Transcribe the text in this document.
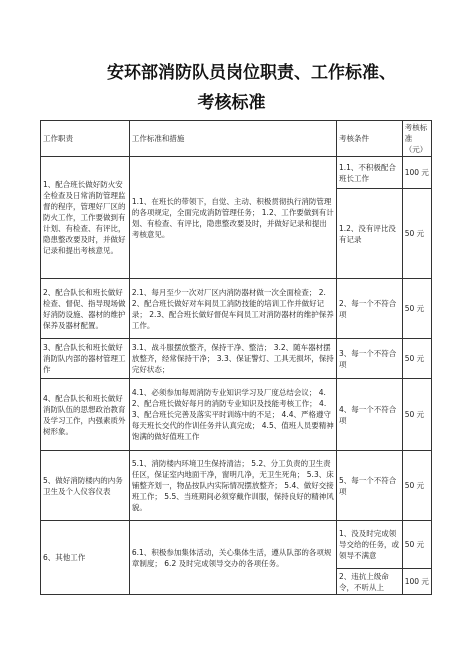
安环部消防队员岗位职责、工作标准、
考核标准
工作职责	工作标准和措施	考核条件	考核标准（元）
1、配合班长做好防火安全检查及日常消防管理监督的程序，管理好厂区的防火工作，工作要做到有计划、有检查、有评比，隐患整改要及时，并做好记录和提出考核意见。	1.1、在班长的带领下，自觉、主动、积极贯彻执行消防管理的各项规定，全面完成消防管理任务； 1.2、工作要做到有计划、有检查、有评比，隐患整改要及时，并做好记录和提出考核意见。	1.1、不积极配合班长工作	100 元
		1.2、没有评比没有记录	50 元
2、配合队长和班长做好检查、督促、指导现场做好消防设施、器材的维护保养及器材配置。	2.1、每月至少一次对厂区内消防器材做一次全面检查； 2.2、配合班长做好对车间员工消防技能的培训工作并做好记录； 2.3、配合班长做好督促车间员工对消防器材的维护保养工作。	2、每一个不符合项	50 元
3、配合队长和班长做好消防队内部的器材管理工作	3.1、战斗服摆放整齐，保持干净、整洁； 3.2、随车器材摆放整齐，经常保持干净； 3.3、保证警灯、工具无损坏，保持完好状态；	3、每一个不符合项	50 元
4、配合队长和班长做好消防队伍的思想政治教育及学习工作，内强素质外树形象。	4.1、必须参加每周消防专业知识学习及厂度总结会议； 4.2、配合班长做好每月的消防专业知识及技能考核工作； 4.3、配合班长完善及落实平时训练中的不足； 4.4、严格遵守每天班长交代的作训任务并认真完成； 4.5、值班人员要精神饱满的做好值班工作	4、每一个不符合项	50 元
5、做好消防楼内的内务卫生及个人仪容仪表	5.1、消防楼内环境卫生保持清洁； 5.2、分工负责的卫生责任区，保证室内地面干净，窗明几净，无卫生死角； 5.3、床铺整齐划一，物品按队内实际情况摆放整齐； 5.4、做好交接班工作； 5.5、当班期间必须穿戴作训服，保持良好的精神风貌。	5、每一个不符合项	50 元
6、其他工作	6.1、积极参加集体活动，关心集体生活，遵从队部的各项规章制度； 6.2 及时完成领导交办的各项任务。	1、没及时完成领导交给的任务，或领导不满意	50 元
		2、违抗上级命令，不听从上	100 元
